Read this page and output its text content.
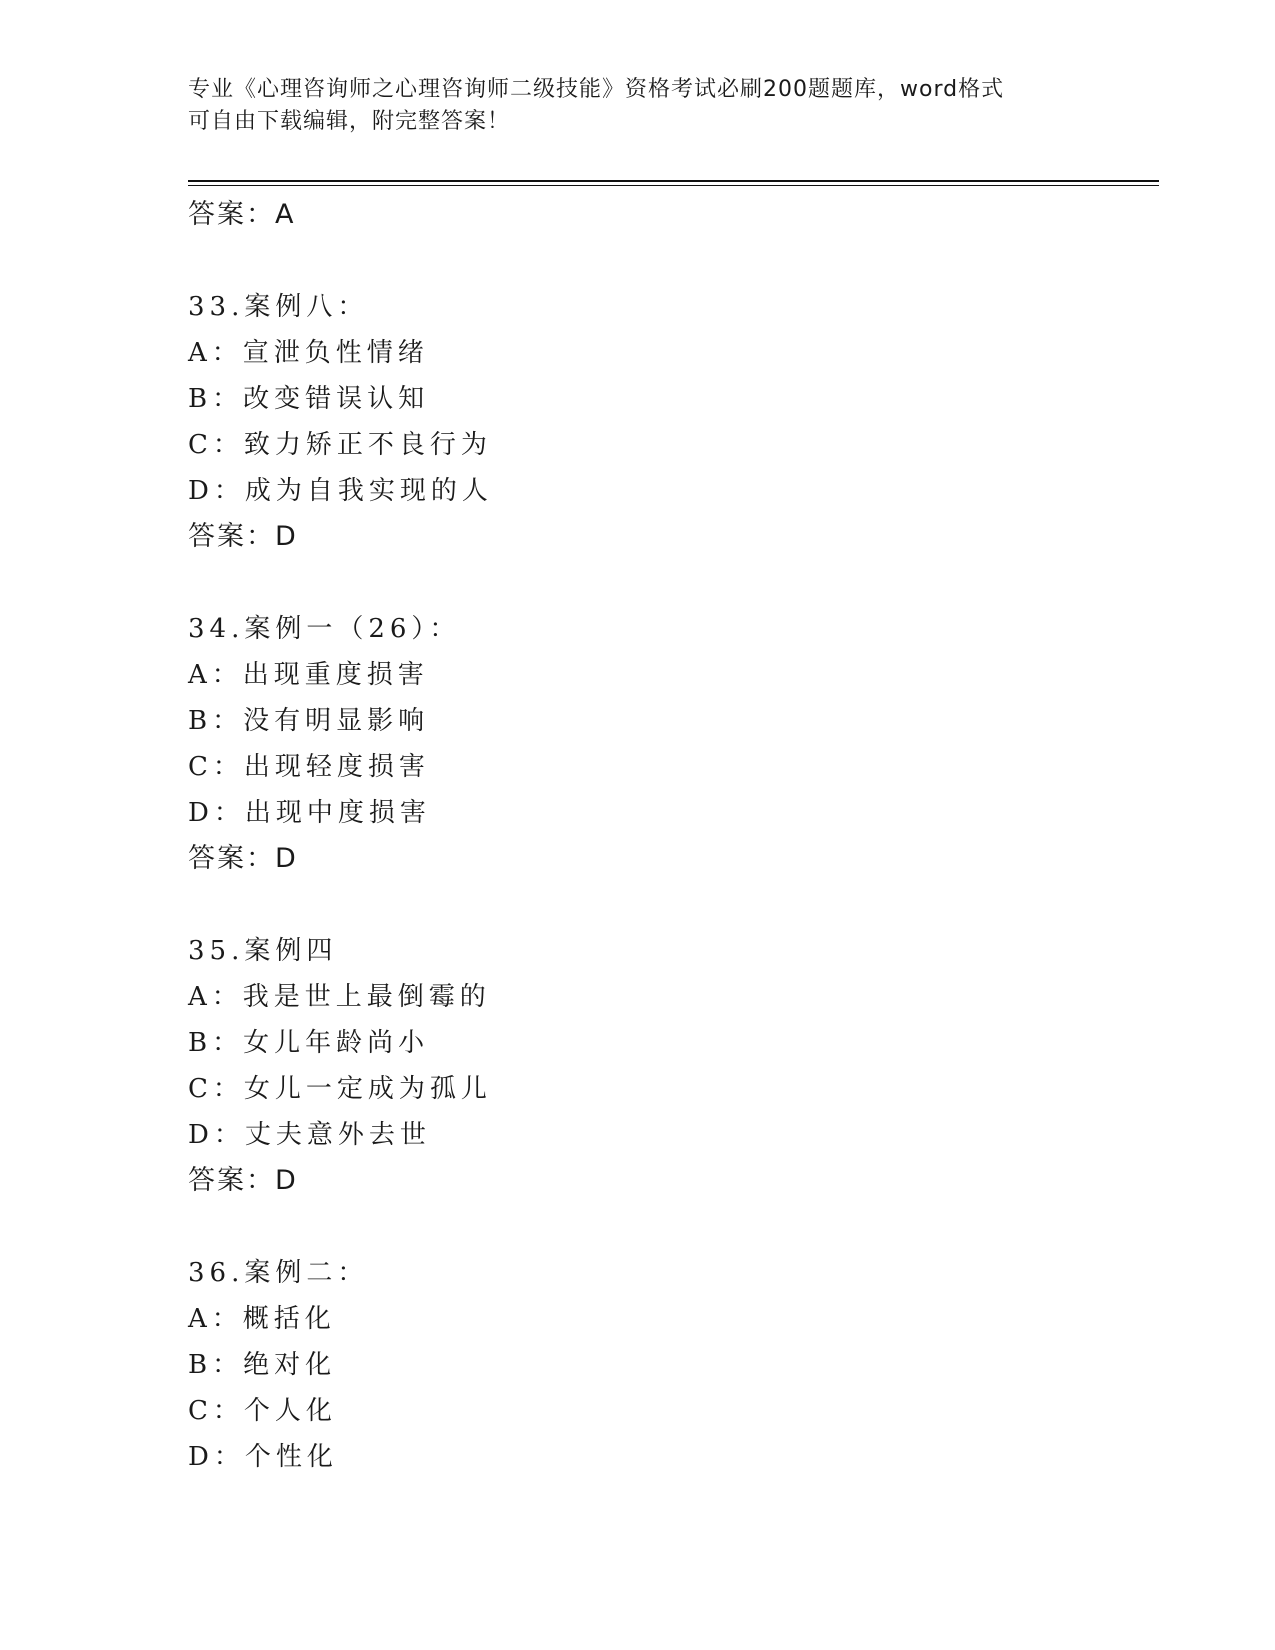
专业《心理咨询师之心理咨询师二级技能》资格考试必刷200题题库，word格式
可自由下载编辑，附完整答案！
答案：A
33.案例八：
A：宣泄负性情绪
B：改变错误认知
C：致力矫正不良行为
D：成为自我实现的人
答案：D
34.案例一（26）：
A：出现重度损害
B：没有明显影响
C：出现轻度损害
D：出现中度损害
答案：D
35.案例四
A：我是世上最倒霉的
B：女儿年龄尚小
C：女儿一定成为孤儿
D：丈夫意外去世
答案：D
36.案例二：
A：概括化
B：绝对化
C：个人化
D：个性化
